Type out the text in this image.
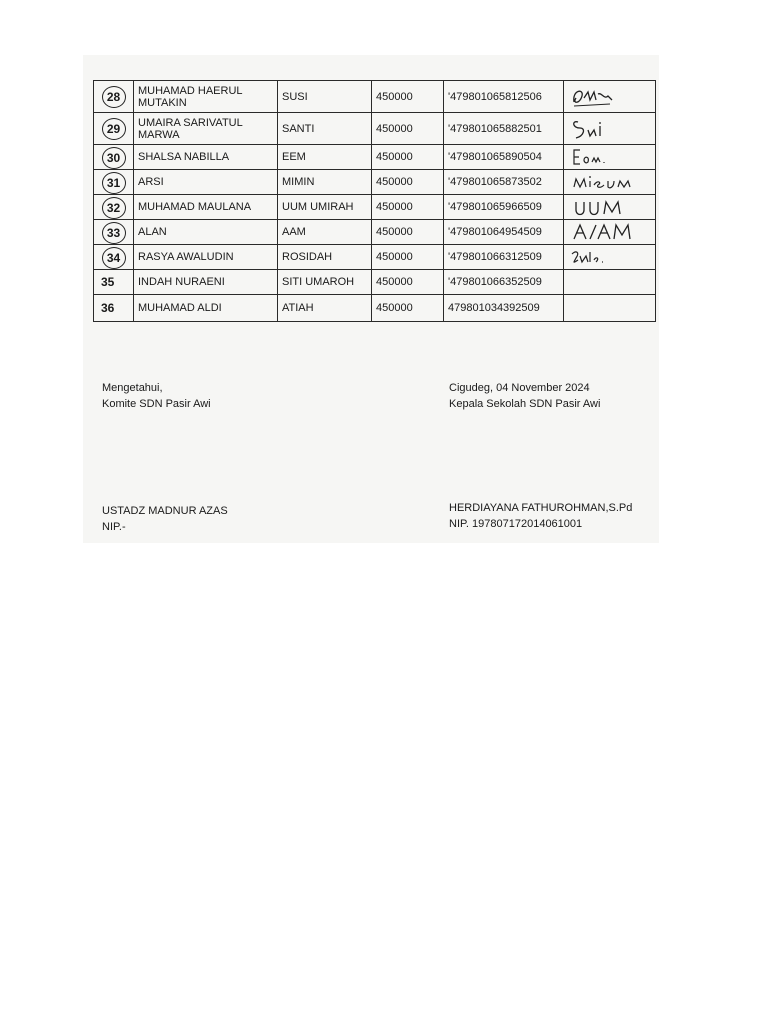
28	MUHAMAD HAERUL MUTAKIN	SUSI	450000	'479801065812506	

29	UMAIRA SARIVATUL MARWA	SANTI	450000	'479801065882501	

30	SHALSA NABILLA	EEM	450000	'479801065890504	

31	ARSI	MIMIN	450000	'479801065873502	

32	MUHAMAD MAULANA	UUM UMIRAH	450000	'479801065966509	

33	ALAN	AAM	450000	'479801064954509	

34	RASYA AWALUDIN	ROSIDAH	450000	'479801066312509	

35	INDAH NURAENI	SITI UMAROH	450000	'479801066352509	
36	MUHAMAD ALDI	ATIAH	450000	479801034392509	
Mengetahui,
Komite SDN Pasir Awi
Cigudeg, 04 November 2024
Kepala Sekolah SDN Pasir Awi
USTADZ MADNUR AZAS
NIP.-
HERDIAYANA FATHUROHMAN,S.Pd
NIP. 197807172014061001
